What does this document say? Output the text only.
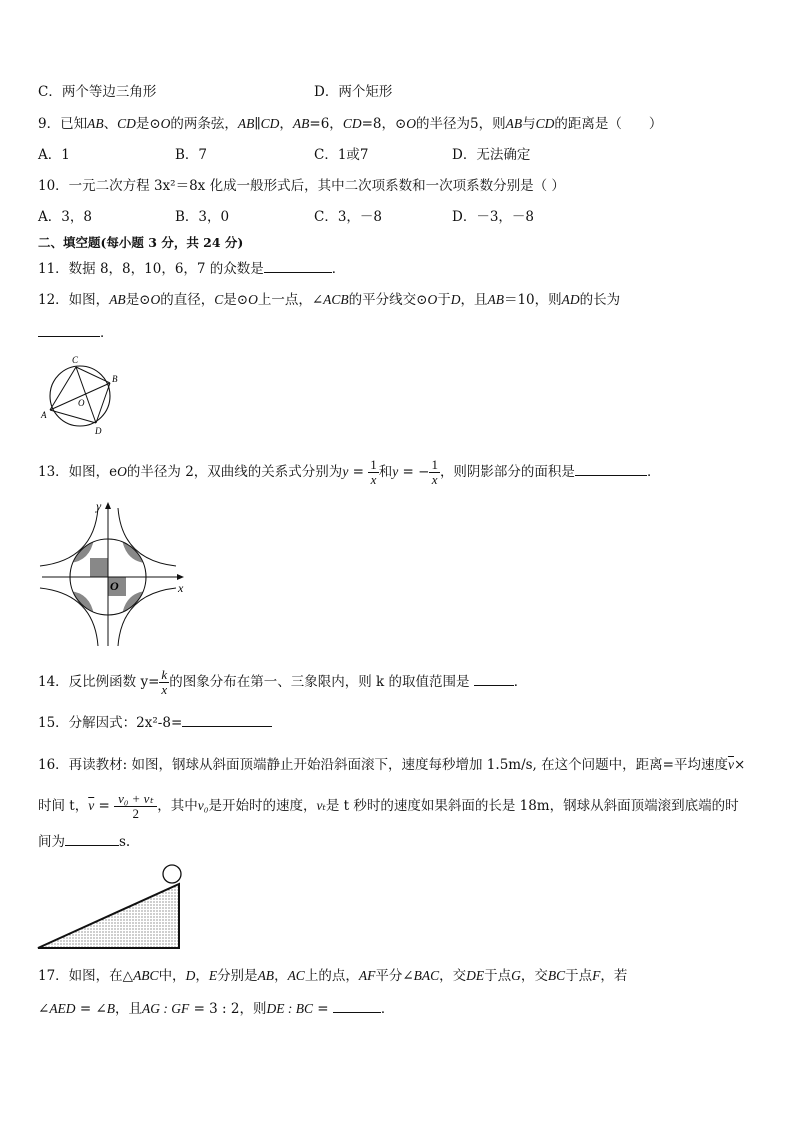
C．两个等边三角形	D．两个矩形
9．已知AB、CD是⊙O的两条弦，AB∥CD，AB=6，CD=8，⊙O的半径为5，则AB与CD的距离是（　　）
A．1	B．7	C．1或7	D．无法确定
10．一元二次方程 3x²＝8x 化成一般形式后，其中二次项系数和一次项系数分别是（ ）
A．3，8	B．3，0	C．3，－8	D．－3，－8
二、填空题(每小题 3 分，共 24 分)
11．数据 8，8，10，6，7 的众数是	．
12．如图，AB是⊙O的直径，C是⊙O上一点，∠ACB的平分线交⊙O于D，且AB＝10，则AD的长为
．
C
B
O
A
D
13．如图，eO的半径为 2，双曲线的关系式分别为$y = \frac{1}{x}$ 和y = − $\frac{1}{x}$ ，则阴影部分的面积是	．
y
x
O
14．反比例函数 $y= \frac{k}{x}$ 的图象分布在第一、三象限内，则 k 的取值范围是	．
15．分解因式：2x²-8=
16．再读教材: 如图，钢球从斜面顶端静止开始沿斜面滚下，速度每秒增加 1.5m/s, 在这个问题中，距离=平均速度$\overline{v}\times$
时间 t，$\overline{v} = \frac{\text{v₀ + vₜ}}{2}$ ，其中v₀是开始时的速度，vₜ是 t 秒时的速度如果斜面的长是 18m，钢球从斜面顶端滚到底端的时
间为	s.
17．如图，在△ABC中，D，E分别是AB，AC上的点，AF平分∠BAC，交DE于点G，交BC于点F，若
∠AED = ∠B，且AG : GF = 3 : 2，则DE : BC =	．
